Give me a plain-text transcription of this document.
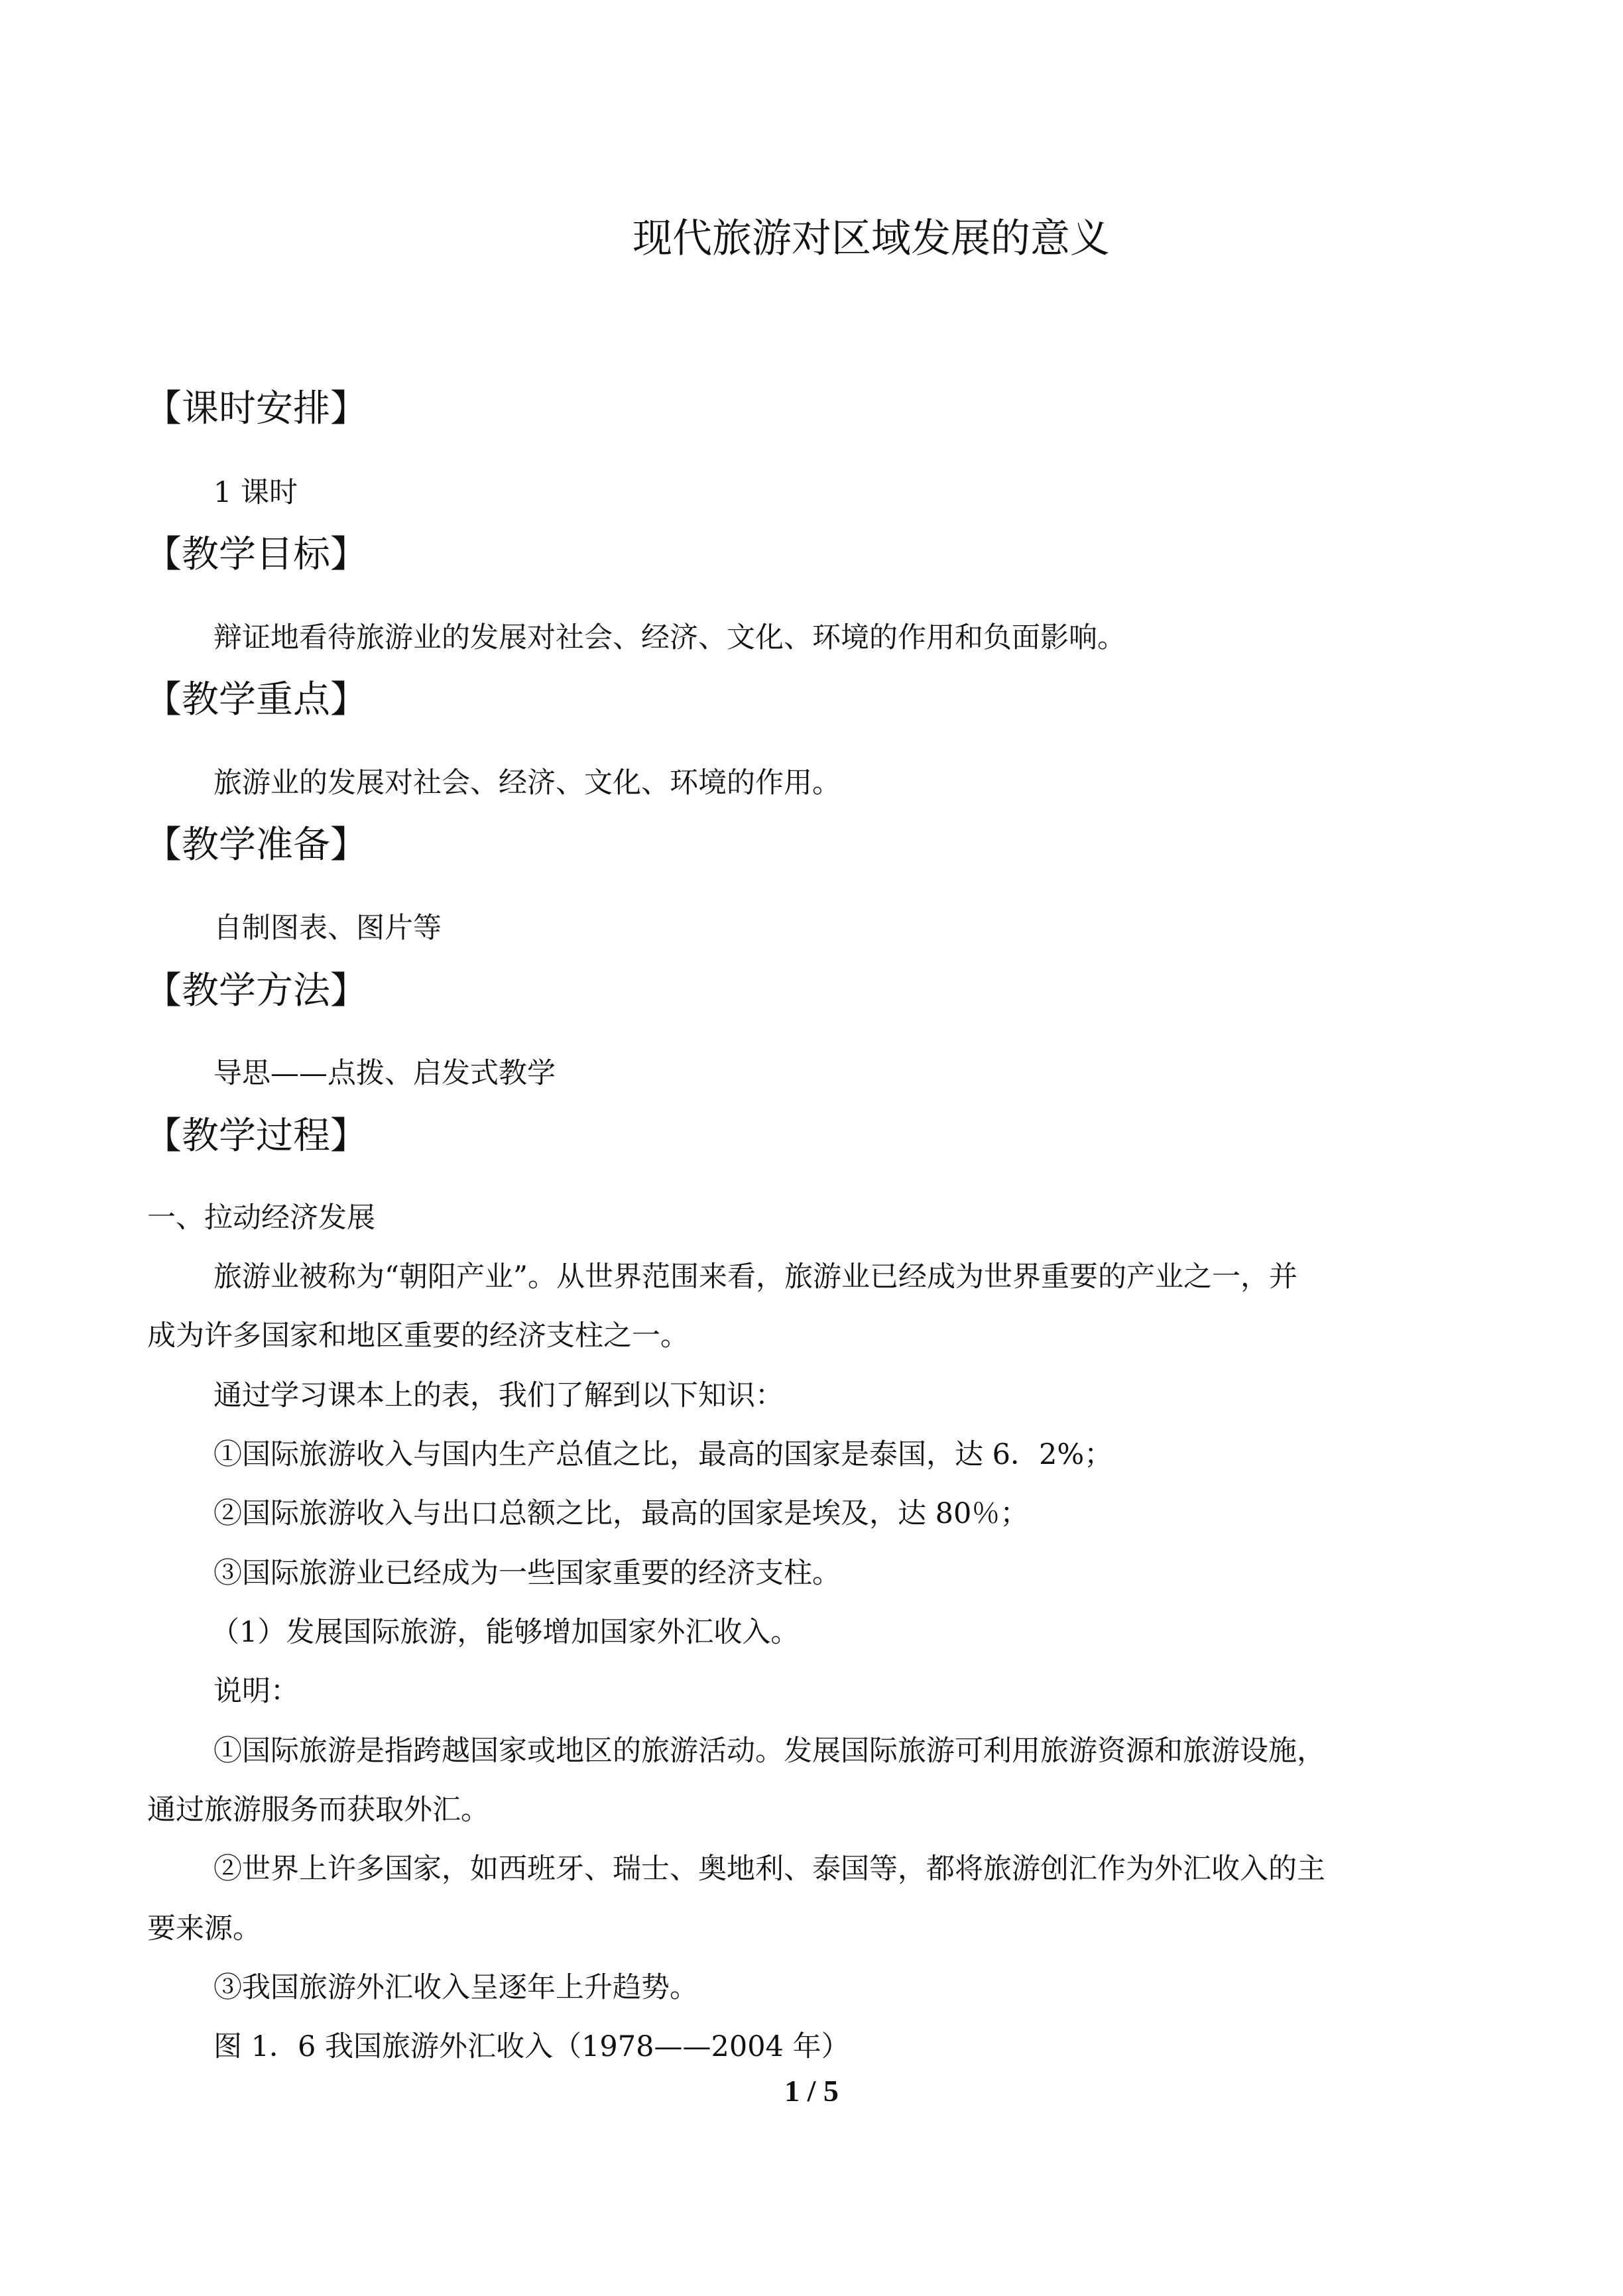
现代旅游对区域发展的意义
【课时安排】
1 课时
【教学目标】
辩证地看待旅游业的发展对社会、经济、文化、环境的作用和负面影响。
【教学重点】
旅游业的发展对社会、经济、文化、环境的作用。
【教学准备】
自制图表、图片等
【教学方法】
导思——点拨、启发式教学
【教学过程】
一、拉动经济发展
旅游业被称为“朝阳产业”。从世界范围来看，旅游业已经成为世界重要的产业之一，并
成为许多国家和地区重要的经济支柱之一。
通过学习课本上的表，我们了解到以下知识：
①国际旅游收入与国内生产总值之比，最高的国家是泰国，达 6．2%；
②国际旅游收入与出口总额之比，最高的国家是埃及，达 80％；
③国际旅游业已经成为一些国家重要的经济支柱。
（1）发展国际旅游，能够增加国家外汇收入。
说明：
①国际旅游是指跨越国家或地区的旅游活动。发展国际旅游可利用旅游资源和旅游设施，
通过旅游服务而获取外汇。
②世界上许多国家，如西班牙、瑞士、奥地利、泰国等，都将旅游创汇作为外汇收入的主
要来源。
③我国旅游外汇收入呈逐年上升趋势。
图 1．6 我国旅游外汇收入（1978——2004 年）
1 / 5
